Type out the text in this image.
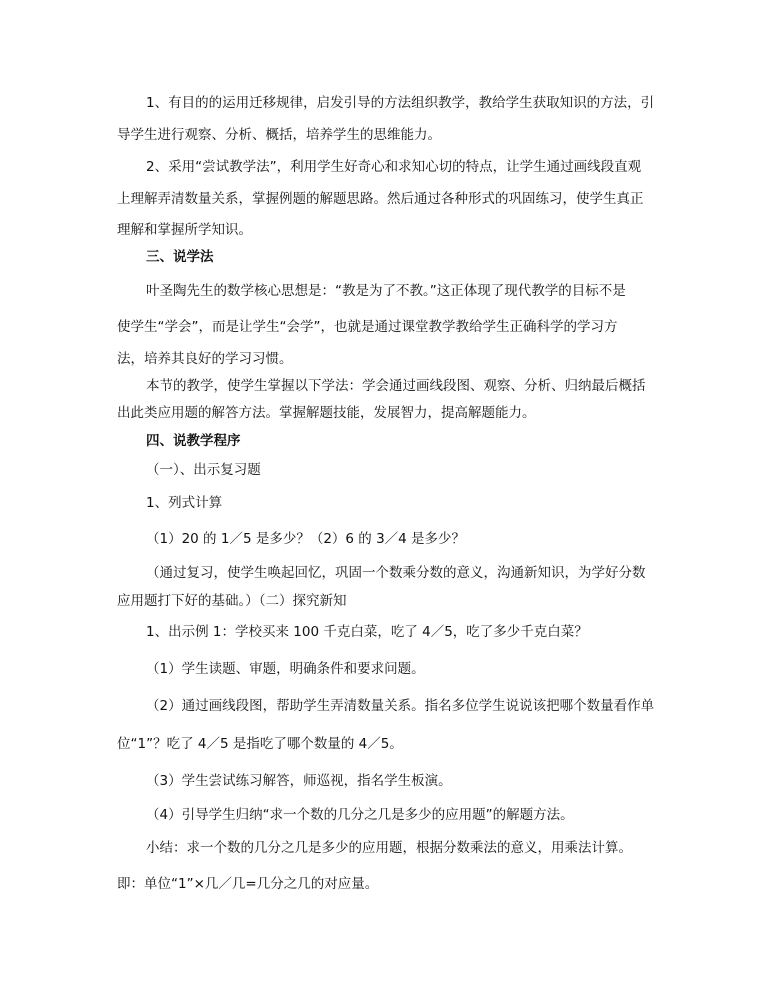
1、有目的的运用迁移规律，启发引导的方法组织教学，教给学生获取知识的方法，引

导学生进行观察、分析、概括，培养学生的思维能力。

2、采用“尝试教学法”，利用学生好奇心和求知心切的特点，让学生通过画线段直观

上理解弄清数量关系，掌握例题的解题思路。然后通过各种形式的巩固练习，使学生真正

理解和掌握所学知识。

三、说学法

叶圣陶先生的数学核心思想是：“教是为了不教。”这正体现了现代教学的目标不是

使学生“学会”，而是让学生“会学”，也就是通过课堂教学教给学生正确科学的学习方

法，培养其良好的学习习惯。

本节的教学，使学生掌握以下学法：学会通过画线段图、观察、分析、归纳最后概括

出此类应用题的解答方法。掌握解题技能，发展智力，提高解题能力。

四、说教学程序

（一）、出示复习题

1、列式计算

（1）20 的 1／5 是多少？（2）6 的 3／4 是多少？

（通过复习，使学生唤起回忆，巩固一个数乘分数的意义，沟通新知识，为学好分数

应用题打下好的基础。）（二）探究新知

1、出示例 1：学校买来 100 千克白菜，吃了 4／5，吃了多少千克白菜？

（1）学生读题、审题，明确条件和要求问题。

（2）通过画线段图，帮助学生弄清数量关系。指名多位学生说说该把哪个数量看作单

位“1”？吃了 4／5 是指吃了哪个数量的 4／5。

（3）学生尝试练习解答，师巡视，指名学生板演。

（4）引导学生归纳“求一个数的几分之几是多少的应用题”的解题方法。

小结：求一个数的几分之几是多少的应用题，根据分数乘法的意义，用乘法计算。

即：单位“1”×几／几=几分之几的对应量。
